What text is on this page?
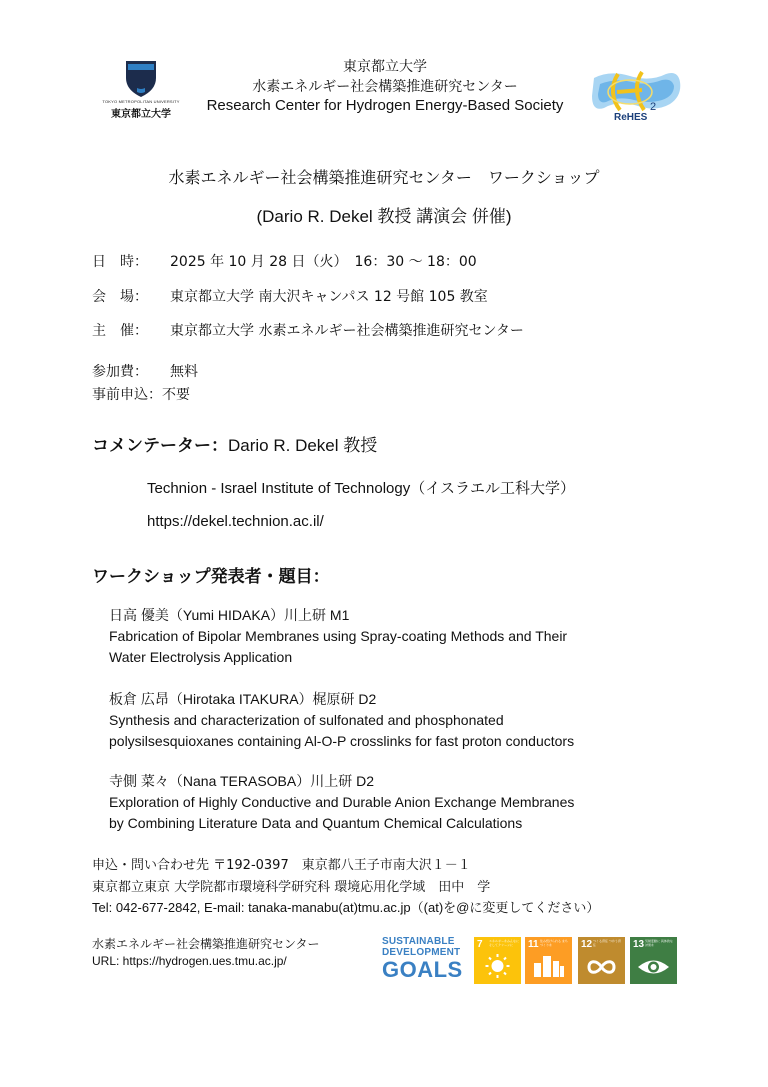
TOKYO METROPOLITAN UNIVERSITY
東京都立大学
東京都立大学
水素エネルギー社会構築推進研究センター
Research Center for Hydrogen Energy-Based Society	2
ReHES
水素エネルギー社会構築推進研究センター　ワークショップ
(Dario R. Dekel 教授 講演会 併催)
日　時： 2025 年 10 月 28 日（火）　16：30 ～ 18：00
会　場： 東京都立大学 南大沢キャンパス 12 号館 105 教室
主　催： 東京都立大学 水素エネルギー社会構築推進研究センター
参加費： 無料
事前申込：不要
コメンテーター：Dario R. Dekel 教授
Technion - Israel Institute of Technology（イスラエル工科大学）
https://dekel.technion.ac.il/
ワークショップ発表者・題目：
日高 優美（Yumi HIDAKA）川上研 M1
Fabrication of Bipolar Membranes using Spray-coating Methods and Their
Water Electrolysis Application
板倉 広昂（Hirotaka ITAKURA）梶原研 D2
Synthesis and characterization of sulfonated and phosphonated
polysilsesquioxanes containing Al-O-P crosslinks for fast proton conductors
寺側 菜々（Nana TERASOBA）川上研 D2
Exploration of Highly Conductive and Durable Anion Exchange Membranes
by Combining Literature Data and Quantum Chemical Calculations
申込・問い合わせ先 〒192-0397　東京都八王子市南大沢１－１
東京都立東京 大学院都市環境科学研究科 環境応用化学域　田中　学
Tel: 042-677-2842, E-mail: tanaka-manabu(at)tmu.ac.jp（(at)を@に変更してください）
水素エネルギー社会構築推進研究センター
URL: https://hydrogen.ues.tmu.ac.jp/
SUSTAINABLE
DEVELOPMENT
GOALS
7 エネルギーをみんなに そしてクリーンに	11 住み続けられる まちづくりを	12 つくる責任 つかう責任	13 気候変動に 具体的な対策を
